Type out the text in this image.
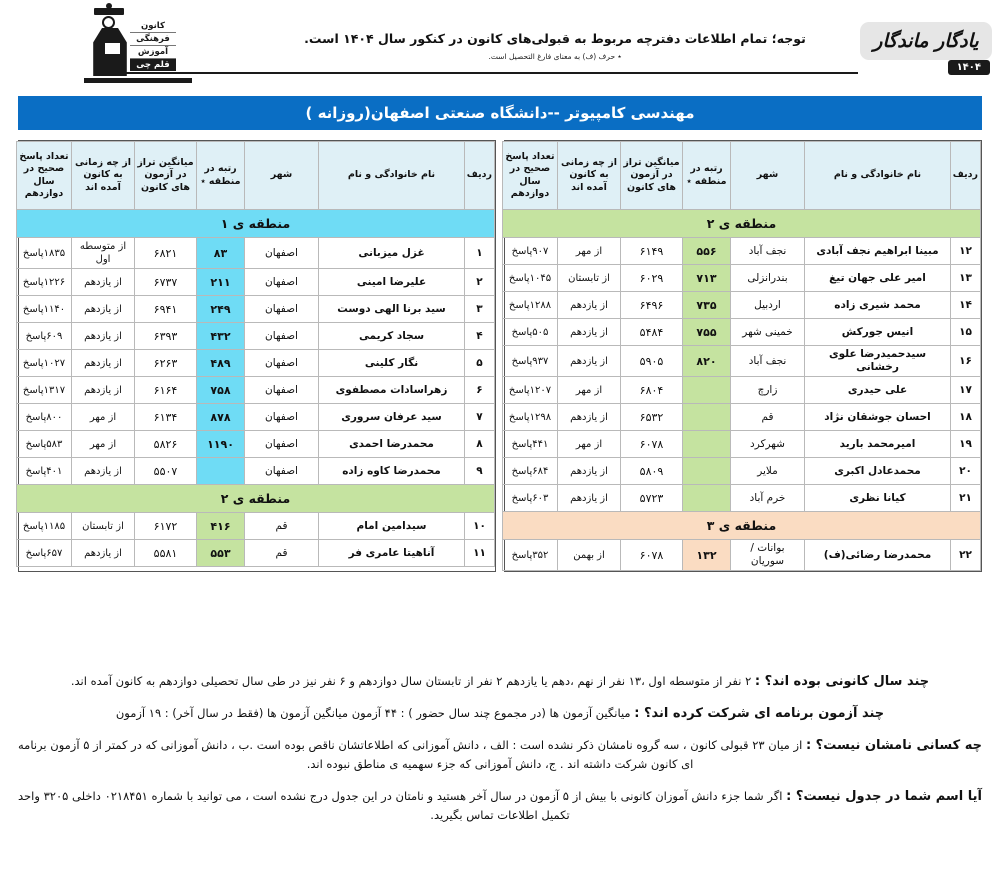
کانون
فرهنگی
آموزش
قلم چی
توجه؛ تمام اطلاعات دفترچه مربوط به قبولی‌های کانون در کنکور سال ۱۴۰۴ است.
٭ حرف (ف) به معنای فارغ التحصیل است.
یادگار ماندگار
۱۴۰۴
مهندسی کامپیوتر --دانشگاه صنعتی اصفهان(روزانه )
ردیف	نام خانوادگی و نام	شهر	رتبه در منطقه ٭	میانگین تراز در آزمون های کانون	از چه زمانی به کانون آمده اند	تعداد پاسخ صحیح در سال دوازدهم
منطقه ی ۱						
۱	غزل میزبانی	اصفهان	۸۳	۶۸۲۱	از متوسطه اول	۱۸۳۵پاسخ
۲	علیرضا امینی	اصفهان	۲۱۱	۶۷۳۷	از یازدهم	۱۲۲۶پاسخ
۳	سید برنا الهی دوست	اصفهان	۲۴۹	۶۹۴۱	از یازدهم	۱۱۴۰پاسخ
۴	سجاد کریمی	اصفهان	۴۳۲	۶۳۹۳	از یازدهم	۶۰۹پاسخ
۵	نگار کلینی	اصفهان	۴۸۹	۶۲۶۳	از یازدهم	۱۰۲۷پاسخ
۶	زهراسادات مصطفوی	اصفهان	۷۵۸	۶۱۶۴	از یازدهم	۱۳۱۷پاسخ
۷	سید عرفان سروری	اصفهان	۸۷۸	۶۱۳۴	از مهر	۸۰۰پاسخ
۸	محمدرضا احمدی	اصفهان	۱۱۹۰	۵۸۲۶	از مهر	۵۸۳پاسخ
۹	محمدرضا کاوه زاده	اصفهان		۵۵۰۷	از یازدهم	۴۰۱پاسخ
منطقه ی ۲						
۱۰	سیدامین امام	قم	۴۱۶	۶۱۷۲	از تابستان	۱۱۸۵پاسخ
۱۱	آناهیتا عامری فر	قم	۵۵۳	۵۵۸۱	از یازدهم	۶۵۷پاسخ
ردیف	نام خانوادگی و نام	شهر	رتبه در منطقه ٭	میانگین تراز در آزمون های کانون	از چه زمانی به کانون آمده اند	تعداد پاسخ صحیح در سال دوازدهم
منطقه ی ۲						
۱۲	مبینا ابراهیم نجف آبادی	نجف آباد	۵۵۶	۶۱۴۹	از مهر	۹۰۷پاسخ
۱۳	امیر علی جهان تیغ	بندرانزلی	۷۱۳	۶۰۲۹	از تابستان	۱۰۴۵پاسخ
۱۴	محمد شیری زاده	اردبیل	۷۳۵	۶۴۹۶	از یازدهم	۱۲۸۸پاسخ
۱۵	انیس جورکش	خمینی شهر	۷۵۵	۵۴۸۴	از یازدهم	۵۰۵پاسخ
۱۶	سیدحمیدرضا علوی رخشانی	نجف آباد	۸۲۰	۵۹۰۵	از یازدهم	۹۳۷پاسخ
۱۷	علی حیدری	زارچ		۶۸۰۴	از مهر	۱۲۰۷پاسخ
۱۸	احسان جوشقان نژاد	قم		۶۵۳۲	از یازدهم	۱۲۹۸پاسخ
۱۹	امیرمحمد بارید	شهرکرد		۶۰۷۸	از مهر	۴۴۱پاسخ
۲۰	محمدعادل اکبری	ملایر		۵۸۰۹	از یازدهم	۶۸۴پاسخ
۲۱	کیانا نظری	خرم آباد		۵۷۲۳	از یازدهم	۶۰۳پاسخ
منطقه ی ۳						
۲۲	محمدرضا رضائی(ف)	بوانات /سوریان	۱۳۲	۶۰۷۸	از بهمن	۳۵۲پاسخ

چند سال کانونی بوده اند؟ : ۲ نفر از متوسطه اول ،۱۳ نفر از نهم ،دهم یا یازدهم ۲ نفر از تابستان سال دوازدهم و ۶ نفر نیز در طی سال تحصیلی دوازدهم به کانون آمده اند.

چند آزمون برنامه ای شرکت کرده اند؟ : میانگین آزمون ها (در مجموع چند سال حضور ) : ۴۴ آزمون میانگین آزمون ها (فقط در سال آخر) : ۱۹ آزمون

چه کسانی نامشان نیست؟ : از میان ۲۳ قبولی کانون ، سه گروه نامشان ذکر نشده است : الف ، دانش آموزانی که اطلاعاتشان ناقص بوده است .ب ، دانش آموزانی که در کمتر از ۵ آزمون برنامه ای کانون شرکت داشته اند . ج، دانش آموزانی که جزء سهمیه ی مناطق نبوده اند.

آیا اسم شما در جدول نیست؟ : اگر شما جزء دانش آموزان کانونی با بیش از ۵ آزمون در سال آخر هستید و نامتان در این جدول درج نشده است ، می توانید با شماره ۰۲۱۸۴۵۱ داخلی ۳۲۰۵ واحد تکمیل اطلاعات تماس بگیرید.
